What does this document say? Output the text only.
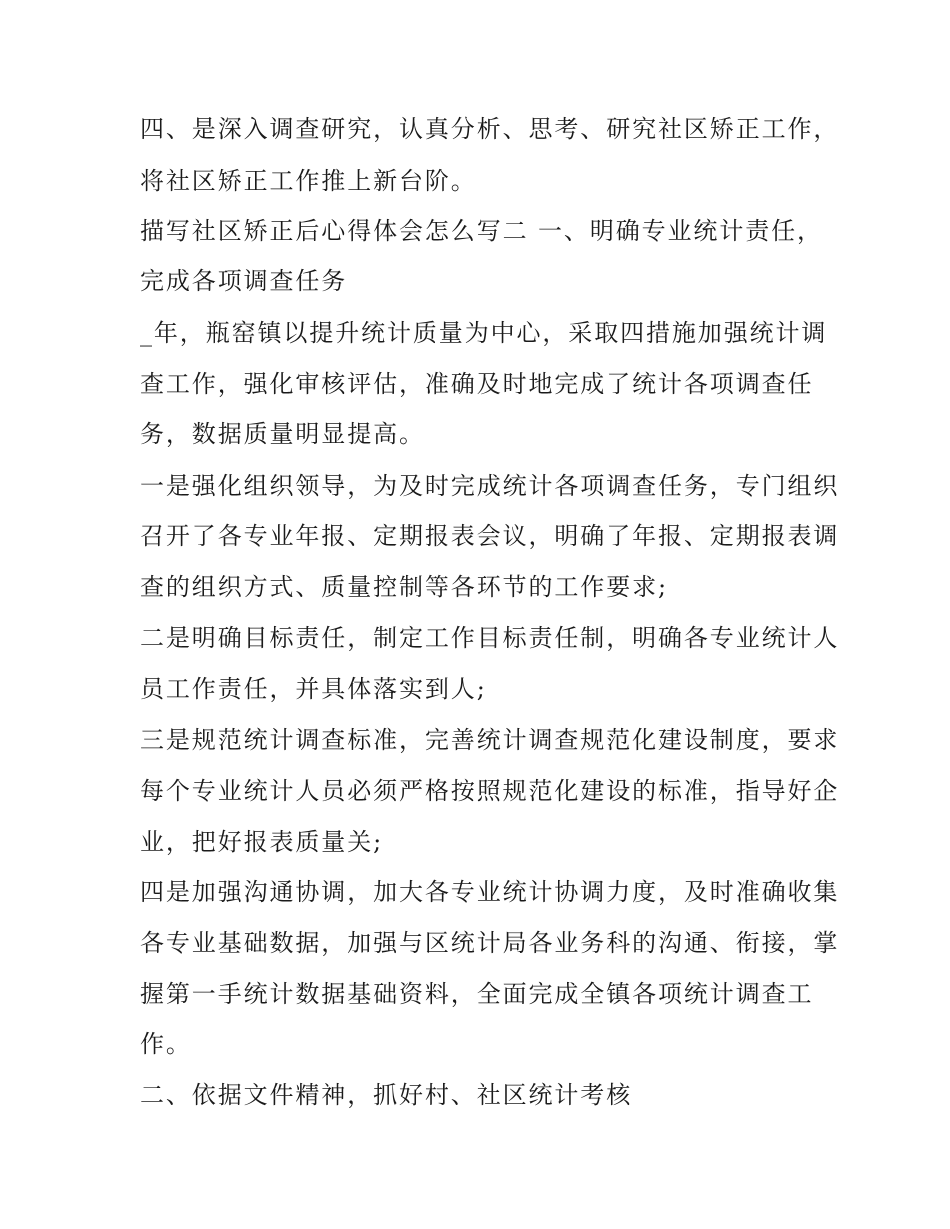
四、是深入调查研究，认真分析、思考、研究社区矫正工作，
将社区矫正工作推上新台阶。
描写社区矫正后心得体会怎么写二 一、明确专业统计责任，
完成各项调查任务
_年，瓶窑镇以提升统计质量为中心，采取四措施加强统计调
查工作，强化审核评估，准确及时地完成了统计各项调查任
务，数据质量明显提高。
一是强化组织领导，为及时完成统计各项调查任务，专门组织
召开了各专业年报、定期报表会议，明确了年报、定期报表调
查的组织方式、质量控制等各环节的工作要求;
二是明确目标责任，制定工作目标责任制，明确各专业统计人
员工作责任，并具体落实到人;
三是规范统计调查标准，完善统计调查规范化建设制度，要求
每个专业统计人员必须严格按照规范化建设的标准，指导好企
业，把好报表质量关;
四是加强沟通协调，加大各专业统计协调力度，及时准确收集
各专业基础数据，加强与区统计局各业务科的沟通、衔接，掌
握第一手统计数据基础资料，全面完成全镇各项统计调查工
作。
二、依据文件精神，抓好村、社区统计考核
